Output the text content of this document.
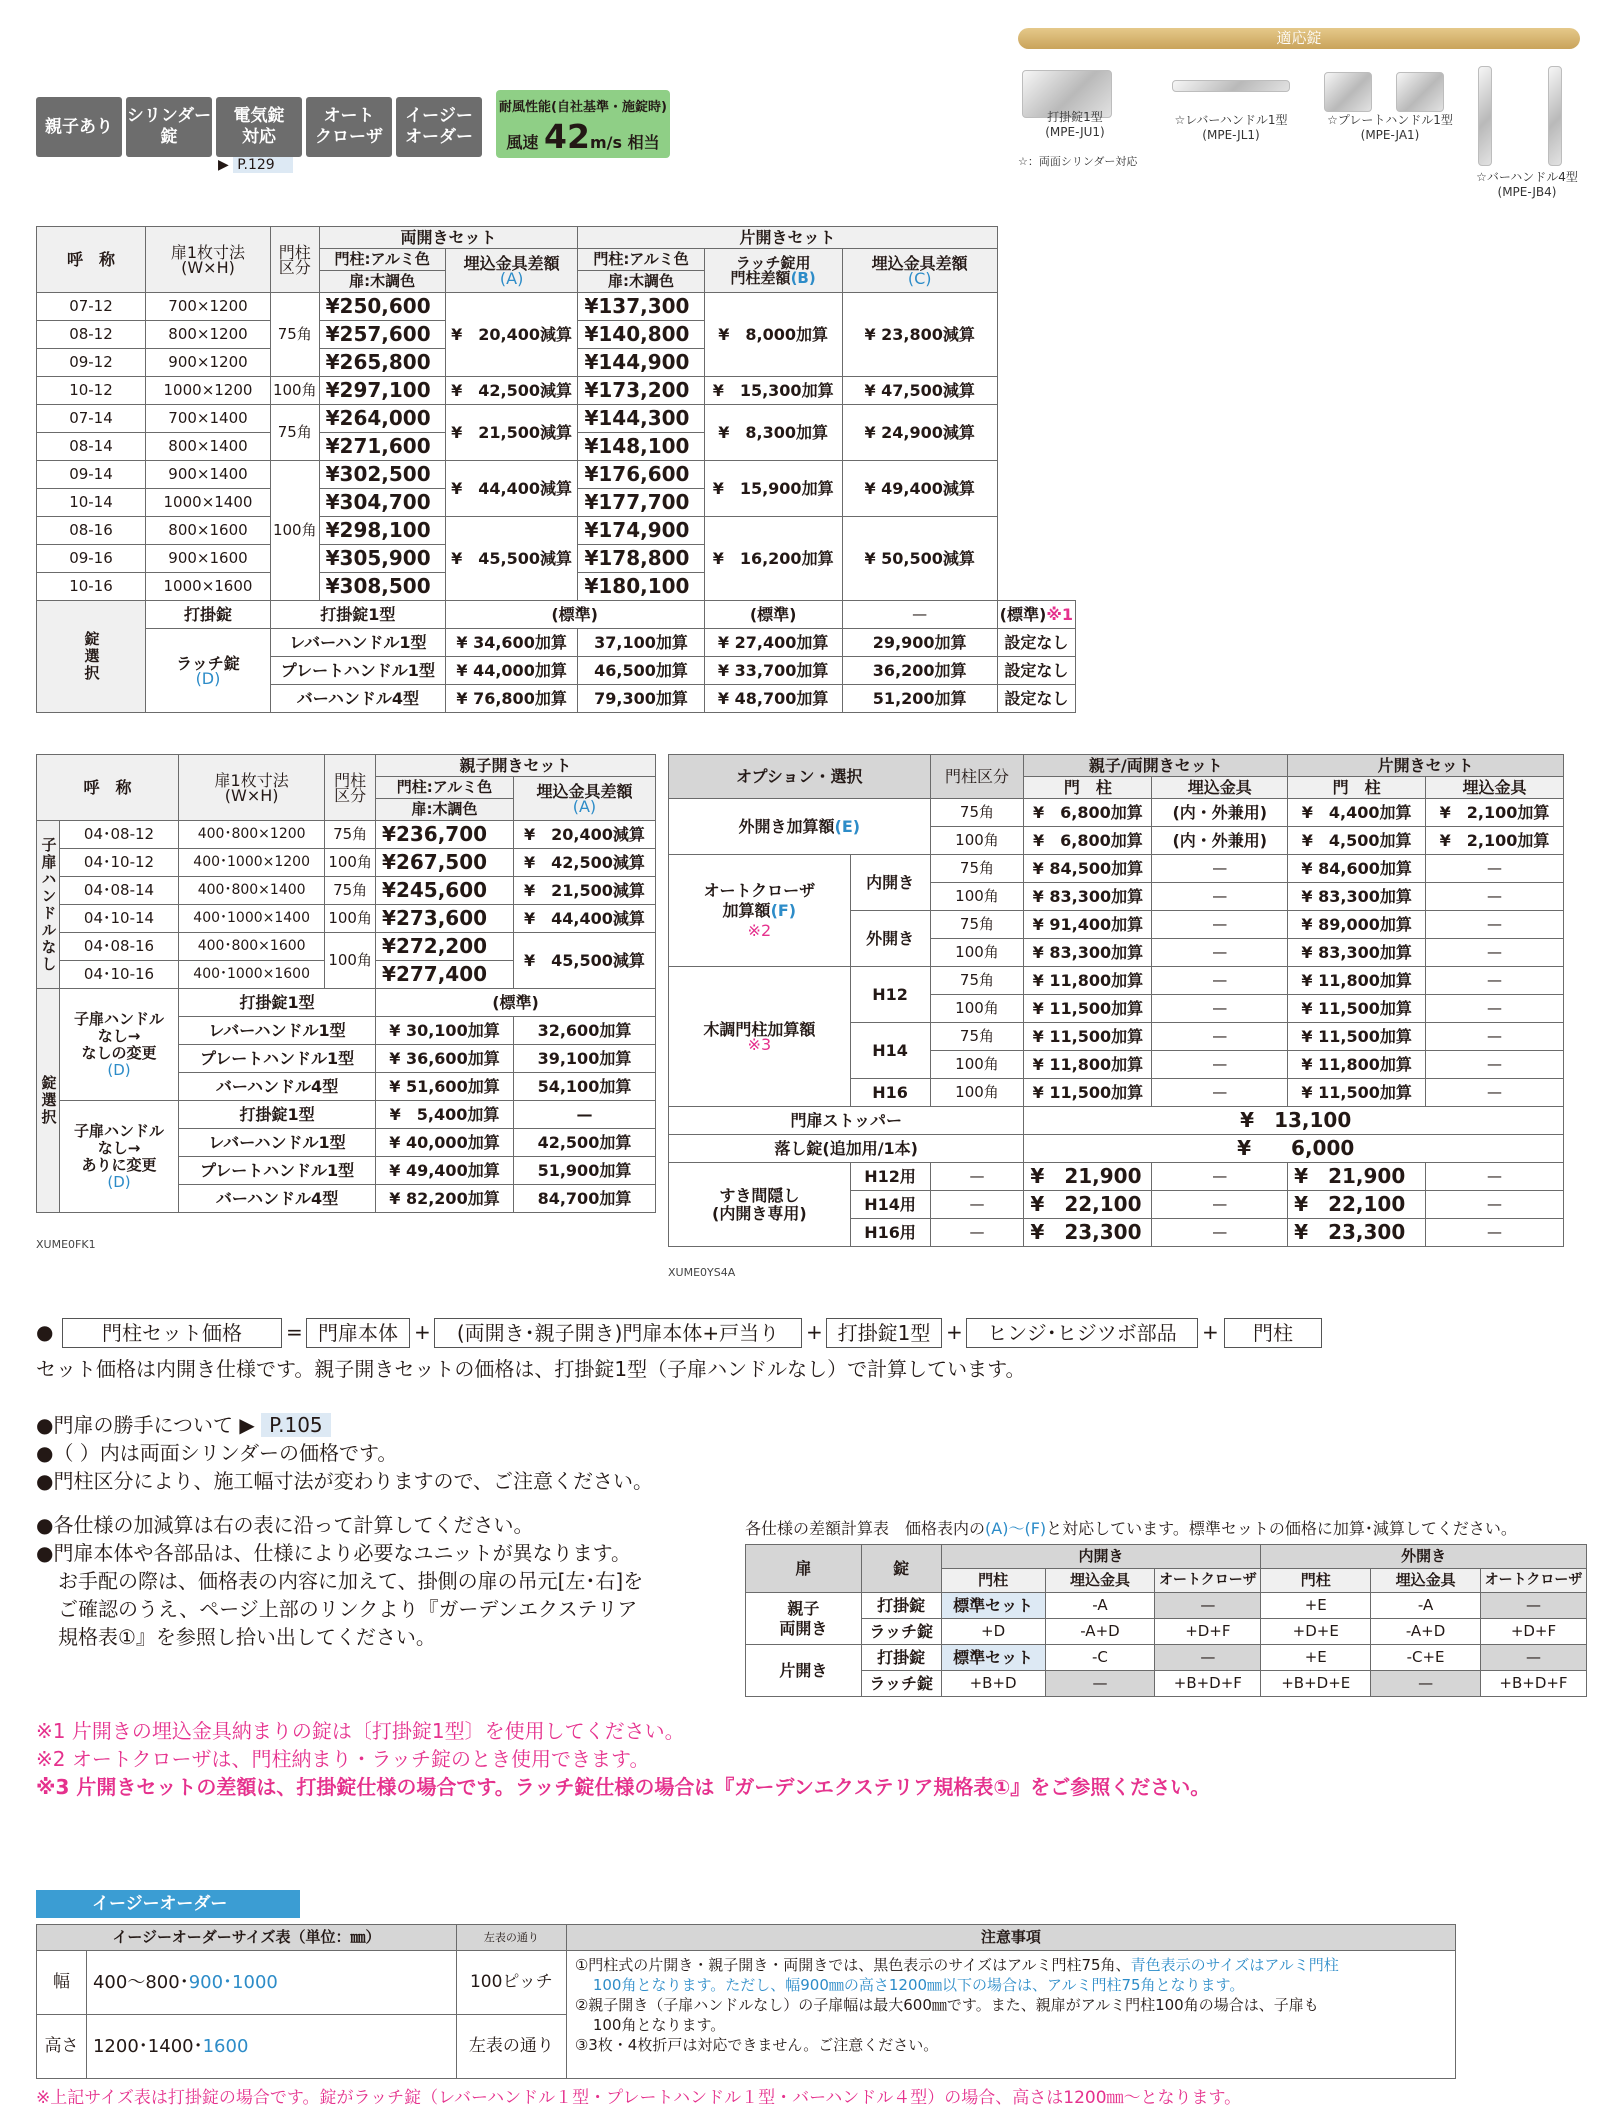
親子あり
シリンダー
錠
電気錠
対応
オート
クローザ
イージー
オーダー
耐風性能(自社基準・施錠時)
風速 42m/s 相当
▶ P.129
適応錠
打掛錠1型
(MPE-JU1)
☆レバーハンドル1型
(MPE-JL1)
☆プレートハンドル1型
(MPE-JA1)
☆バーハンドル4型
(MPE-JB4)
☆：両面シリンダー対応
呼　称	扉1枚寸法
(W×H)	門柱
区分	両開きセット		片開きセット			
			門柱:アルミ色	埋込金具差額
(A)	門柱:アルミ色	ラッチ錠用
門柱差額(B)	埋込金具差額
(C)	

			扉:木調色		扉:木調色			
07-12	700×1200	75角	¥250,600	¥　20,400減算	¥137,300	¥　8,000加算	¥ 23,800減算	
08-12	800×1200		¥257,600		¥140,800			
09-12	900×1200		¥265,800		¥144,900			
10-12	1000×1200	100角	¥297,100	¥　42,500減算	¥173,200	¥　15,300加算	¥ 47,500減算	
07-14	700×1400	75角	¥264,000	¥　21,500減算	¥144,300	¥　8,300加算	¥ 24,900減算	
08-14	800×1400		¥271,600		¥148,100			
09-14	900×1400	100角	¥302,500	¥　44,400減算	¥176,600	¥　15,900加算	¥ 49,400減算	
10-14	1000×1400		¥304,700		¥177,700			
08-16	800×1600		¥298,100	¥　45,500減算	¥174,900	¥　16,200加算	¥ 50,500減算	
09-16	900×1600		¥305,900		¥178,800			
10-16	1000×1600		¥308,500		¥180,100			
錠選択	打掛錠	打掛錠1型		(標準)		(標準)	—	(標準)※1
	ラッチ錠
(D)	レバーハンドル1型		¥ 34,600加算	37,100加算	¥ 27,400加算	29,900加算	設定なし
		プレートハンドル1型		¥ 44,000加算	46,500加算	¥ 33,700加算	36,200加算	設定なし
		バーハンドル4型		¥ 76,800加算	79,300加算	¥ 48,700加算	51,200加算	設定なし
呼　称		扉1枚寸法
(W×H)	門柱
区分	親子開きセット	
				門柱:アルミ色	埋込金具差額
(A)

				扉:木調色	
子扉ハンドルなし	04･08-12	400･800×1200	75角	¥236,700	¥　20,400減算
	04･10-12	400･1000×1200	100角	¥267,500	¥　42,500減算
	04･08-14	400･800×1400	75角	¥245,600	¥　21,500減算
	04･10-14	400･1000×1400	100角	¥273,600	¥　44,400減算
	04･08-16	400･800×1600	100角	¥272,200	¥　45,500減算
	04･10-16	400･1000×1600		¥277,400	
錠選択	子扉ハンドル
なし→
なしの変更
(D)	打掛錠1型		(標準)	
		レバーハンドル1型		¥ 30,100加算	32,600加算
		プレートハンドル1型		¥ 36,600加算	39,100加算
		バーハンドル4型		¥ 51,600加算	54,100加算
	子扉ハンドル
なし→
ありに変更
(D)	打掛錠1型		¥　5,400加算	—
		レバーハンドル1型		¥ 40,000加算	42,500加算
		プレートハンドル1型		¥ 49,400加算	51,900加算
		バーハンドル4型		¥ 82,200加算	84,700加算
XUME0FK1
オプション・選択		門柱区分	親子/両開きセット		片開きセット	
			門　柱	埋込金具	門　柱	埋込金具
外開き加算額(E)		75角	¥　6,800加算	(内・外兼用)	¥　4,400加算	¥　2,100加算
		100角	¥　6,800加算	(内・外兼用)	¥　4,500加算	¥　2,100加算
オートクローザ
加算額(F)
※2	内開き	75角	¥ 84,500加算	—	¥ 84,600加算	—
		100角	¥ 83,300加算	—	¥ 83,300加算	—
	外開き	75角	¥ 91,400加算	—	¥ 89,000加算	—
		100角	¥ 83,300加算	—	¥ 83,300加算	—
木調門柱加算額
※3	H12	75角	¥ 11,800加算	—	¥ 11,800加算	—
		100角	¥ 11,500加算	—	¥ 11,500加算	—
	H14	75角	¥ 11,500加算	—	¥ 11,500加算	—
		100角	¥ 11,800加算	—	¥ 11,800加算	—
	H16	100角	¥ 11,500加算	—	¥ 11,500加算	—
門扉ストッパー			¥　13,100			
落し錠(追加用/1本)			¥　　6,000			
すき間隠し
(内開き専用)	H12用	—	¥　21,900	—	¥　21,900	—
	H14用	—	¥　22,100	—	¥　22,100	—
	H16用	—	¥　23,300	—	¥　23,300	—
XUME0YS4A
●	門柱セット価格	= 門扉本体 +	(両開き･親子開き)門扉本体+戸当り	+ 打掛錠1型 +	ヒンジ･ヒジツボ部品	+	門柱
セット価格は内開き仕様です。親子開きセットの価格は、打掛錠1型（子扉ハンドルなし）で計算しています。
●門扉の勝手について ▶ P.105
●（ ）内は両面シリンダーの価格です。
●門柱区分により、施工幅寸法が変わりますので、ご注意ください。
●各仕様の加減算は右の表に沿って計算してください。
●門扉本体や各部品は、仕様により必要なユニットが異なります。
お手配の際は、価格表の内容に加えて、掛側の扉の吊元[左･右]を
ご確認のうえ、ページ上部のリンクより『ガーデンエクステリア
規格表①』を参照し拾い出してください。
各仕様の差額計算表　価格表内の(A)～(F)と対応しています。標準セットの価格に加算･減算してください。
扉	錠	内開き			外開き		
		門柱	埋込金具	オートクローザ	門柱	埋込金具	オートクローザ
親子
両開き	打掛錠	標準セット	-A	—	+E	-A	—
	ラッチ錠	+D	-A+D	+D+F	+D+E	-A+D	+D+F
片開き	打掛錠	標準セット	-C	—	+E	-C+E	—
	ラッチ錠	+B+D	—	+B+D+F	+B+D+E	—	+B+D+F
※1 片開きの埋込金具納まりの錠は〔打掛錠1型〕を使用してください。
※2 オートクローザは、門柱納まり・ラッチ錠のとき使用できます。
※3 片開きセットの差額は、打掛錠仕様の場合です。ラッチ錠仕様の場合は『ガーデンエクステリア規格表①』をご参照ください。
イージーオーダー
イージーオーダーサイズ表（単位：㎜）		左表の通り	注意事項
幅	400～800･900･1000	100ピッチ	①門柱式の片開き・親子開き・両開きでは、黒色表示のサイズはアルミ門柱75角、青色表示のサイズはアルミ門柱
100角となります。ただし、幅900㎜の高さ1200㎜以下の場合は、アルミ門柱75角となります。
②親子開き（子扉ハンドルなし）の子扉幅は最大600㎜です。また、親扉がアルミ門柱100角の場合は、子扉も
100角となります。
③3枚・4枚折戸は対応できません。ご注意ください。
高さ	1200･1400･1600	左表の通り	
※上記サイズ表は打掛錠の場合です。錠がラッチ錠（レバーハンドル１型・プレートハンドル１型・バーハンドル４型）の場合、高さは1200㎜～となります。
